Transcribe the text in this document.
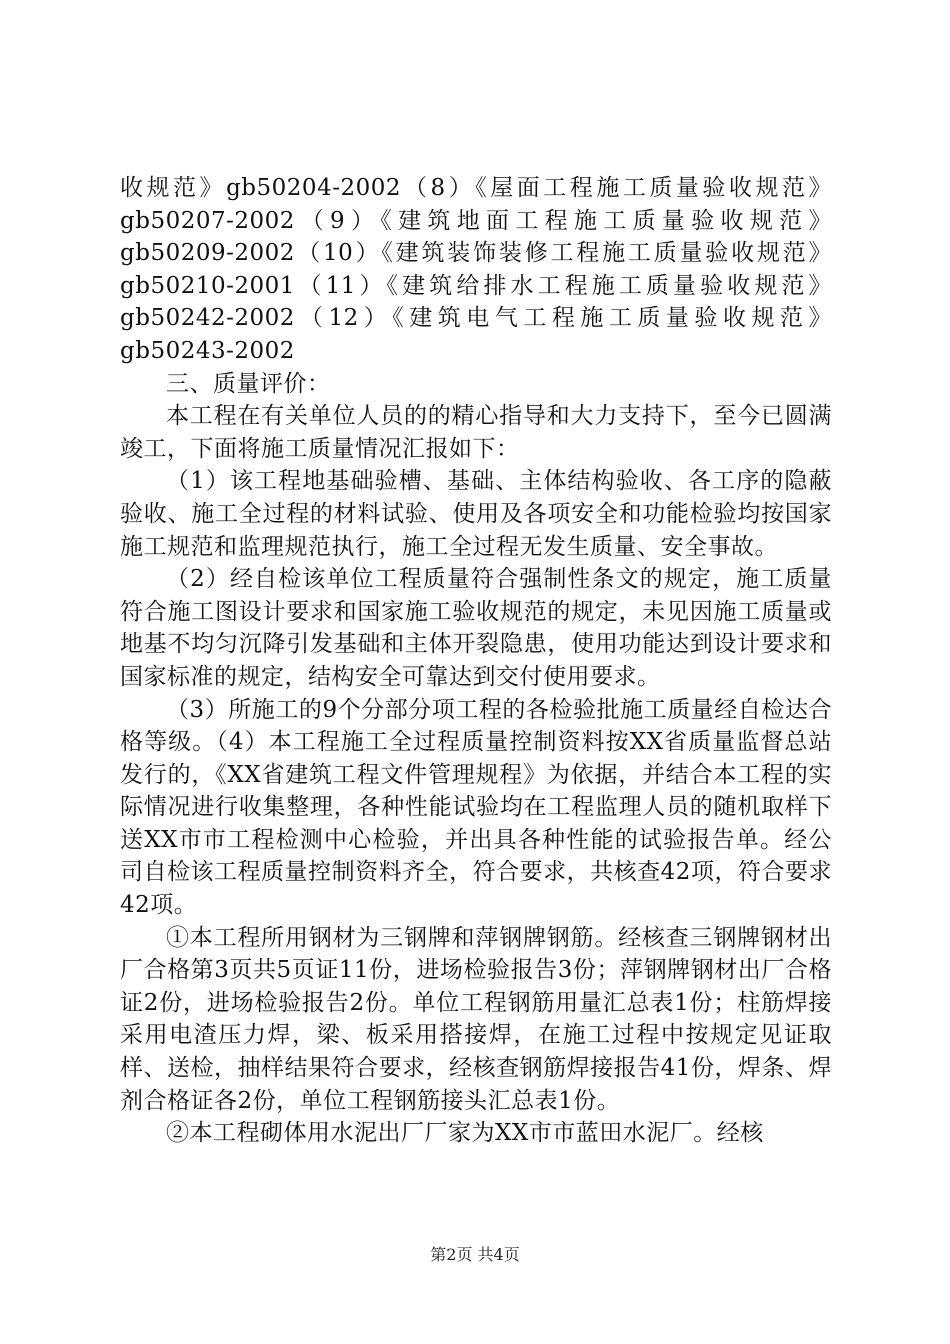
收规范》gb50204-2002（8）《屋面工程施工质量验收规范》gb50207-2002（9）《建筑地面工程施工质量验收规范》gb50209-2002（10）《建筑装饰装修工程施工质量验收规范》gb50210-2001（11）《建筑给排水工程施工质量验收规范》gb50242-2002（12）《建筑电气工程施工质量验收规范》gb50243-2002

三、质量评价：

本工程在有关单位人员的的精心指导和大力支持下，至今已圆满竣工，下面将施工质量情况汇报如下：

（1）该工程地基础验槽、基础、主体结构验收、各工序的隐蔽验收、施工全过程的材料试验、使用及各项安全和功能检验均按国家施工规范和监理规范执行，施工全过程无发生质量、安全事故。

（2）经自检该单位工程质量符合强制性条文的规定，施工质量符合施工图设计要求和国家施工验收规范的规定，未见因施工质量或地基不均匀沉降引发基础和主体开裂隐患，使用功能达到设计要求和国家标准的规定，结构安全可靠达到交付使用要求。

（3）所施工的9个分部分项工程的各检验批施工质量经自检达合格等级。（4）本工程施工全过程质量控制资料按XX省质量监督总站发行的，《XX省建筑工程文件管理规程》为依据，并结合本工程的实际情况进行收集整理，各种性能试验均在工程监理人员的随机取样下送XX市市工程检测中心检验，并出具各种性能的试验报告单。经公司自检该工程质量控制资料齐全，符合要求，共核查42项，符合要求42项。

①本工程所用钢材为三钢牌和萍钢牌钢筋。经核查三钢牌钢材出厂合格第3页共5页证11份，进场检验报告3份；萍钢牌钢材出厂合格证2份，进场检验报告2份。单位工程钢筋用量汇总表1份；柱筋焊接采用电渣压力焊，梁、板采用搭接焊，在施工过程中按规定见证取样、送检，抽样结果符合要求，经核查钢筋焊接报告41份，焊条、焊剂合格证各2份，单位工程钢筋接头汇总表1份。

②本工程砌体用水泥出厂厂家为XX市市蓝田水泥厂。经核

第2页 共4页
